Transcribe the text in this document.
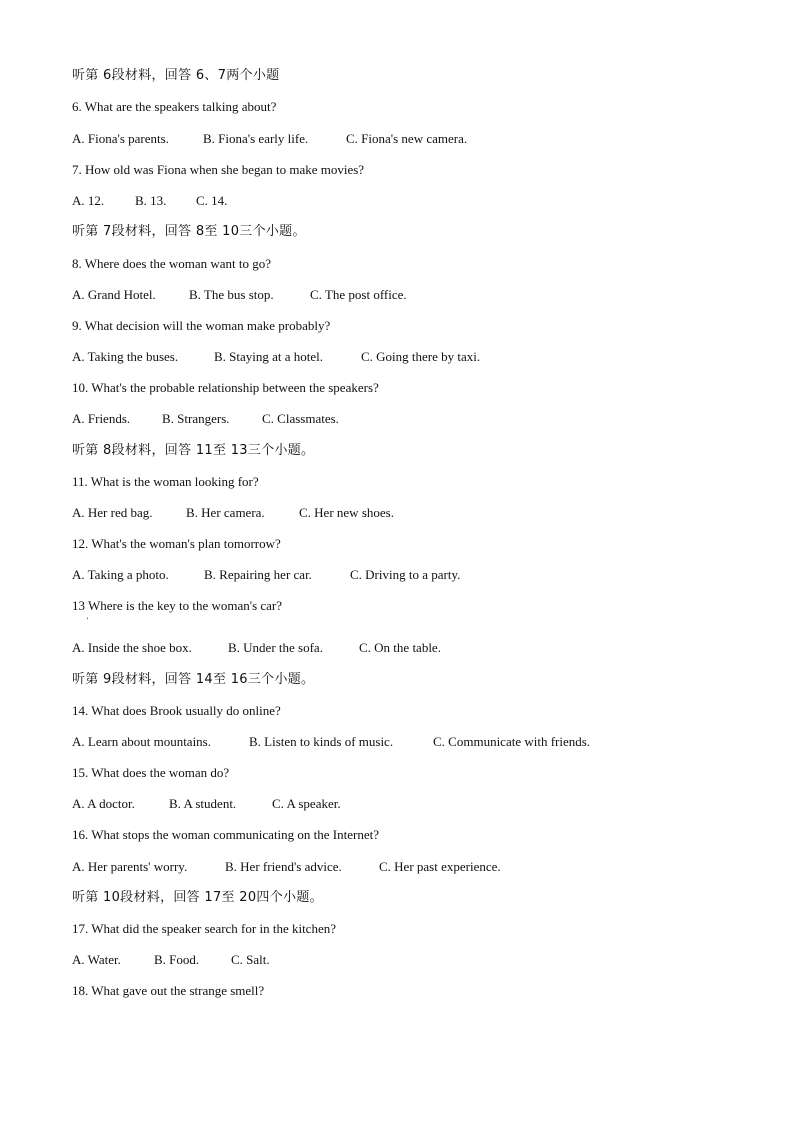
听第 6段材料，回答 6、7两个小题
6. What are the speakers talking about?
A. Fiona's parents.	B. Fiona's early life.	C. Fiona's new camera.
7. How old was Fiona when she began to make movies?
A. 12. B. 13. C. 14.
听第 7段材料，回答 8至 10三个小题。
8. Where does the woman want to go?
A. Grand Hotel.	B. The bus stop.	C. The post office.
9. What decision will the woman make probably?
A. Taking the buses.	B. Staying at a hotel.	C. Going there by taxi.
10. What's the probable relationship between the speakers?
A. Friends. B. Strangers. C. Classmates.
听第 8段材料，回答 11至 13三个小题。
11. What is the woman looking for?
A. Her red bag.	B. Her camera.	C. Her new shoes.
12. What's the woman's plan tomorrow?
A. Taking a photo.	B. Repairing her car.	C. Driving to a party.
13 Where is the key to the woman's car?
A. Inside the shoe box.	B. Under the sofa.	C. On the table.
听第 9段材料，回答 14至 16三个小题。
14. What does Brook usually do online?
A. Learn about mountains.	B. Listen to kinds of music.	C. Communicate with friends.
15. What does the woman do?
A. A doctor.	B. A student.	C. A speaker.
16. What stops the woman communicating on the Internet?
A. Her parents' worry.	B. Her friend's advice.	C. Her past experience.
听第 10段材料，回答 17至 20四个小题。
17. What did the speaker search for in the kitchen?
A. Water.	B. Food. C. Salt.
18. What gave out the strange smell?
'
